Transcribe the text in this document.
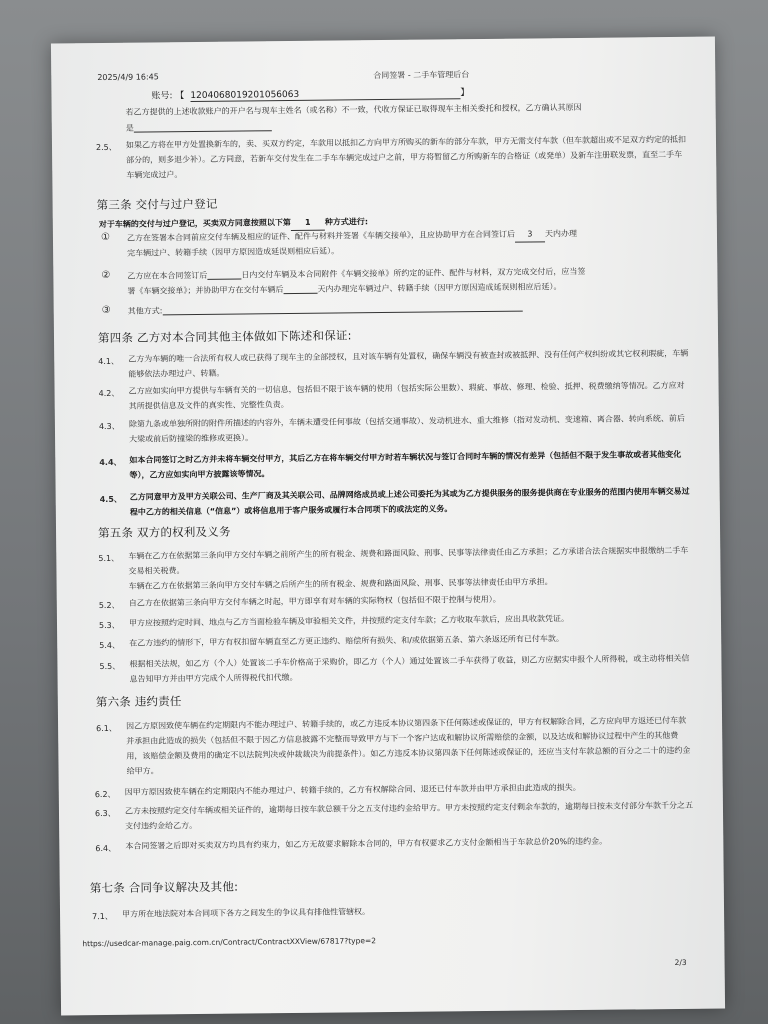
2025/4/9 16:45	合同签署 - 二手车管理后台
账号: 【 1204068019201056063	】
若乙方提供的上述收款账户的开户名与现车主姓名（或名称）不一致，代收方保证已取得现车主相关委托和授权，乙方确认其原因
是
2.5、 如果乙方将在甲方处置换新车的，卖、买双方约定，车款用以抵扣乙方向甲方所购买的新车的部分车款，甲方无需支付车款（但车款超出或不足双方约定的抵扣部分的，则多退少补）。乙方同意，若新车交付发生在二手车车辆完成过户之前，甲方将暂留乙方所购新车的合格证（或発单）及新车注册联发票，直至二手车车辆完成过户。
第三条 交付与过户登记
对于车辆的交付与过户登记，买卖双方同意按照以下第 1 种方式进行:
① 乙方在签署本合同前应交付车辆及相应的证件、配件与材料并签署《车辆交接单》，且应协助甲方在合同签订后 3 天内办理
完车辆过户、转籍手续（因甲方原因造成延误则相应后延）。
② 乙方应在本合同签订后	日内交付车辆及本合同附件《车辆交接单》所约定的证件、配件与材料，双方完成交付后，应当签
署《车辆交接单》；并协助甲方在交付车辆后	天内办理完车辆过户、转籍手续（因甲方原因造成延误则相应后延）。
③ 其他方式:
第四条 乙方对本合同其他主体做如下陈述和保证:
4.1、 乙方为车辆的唯一合法所有权人或已获得了现车主的全部授权，且对该车辆有处置权，确保车辆没有被查封或被抵押、没有任何产权纠纷或其它权利瑕疵，车辆能够依法办理过户、转籍。
4.2、 乙方应如实向甲方提供与车辆有关的一切信息，包括但不限于该车辆的使用（包括实际公里数）、瑕疵、事故、修理、检验、抵押、税费缴纳等情况。乙方应对其所提供信息及文件的真实性、完整性负责。
4.3、 除第九条或单独所附的附件所描述的内容外，车辆未遭受任何事故（包括交通事故）、发动机进水、重大维修（指对发动机、变速箱、离合器、转向系统、前后大梁或前后防撞梁的维修或更换）。
4.4、 如本合同签订之时乙方并未将车辆交付甲方，其后乙方在将车辆交付甲方时若车辆状况与签订合同时车辆的情况有差异（包括但不限于发生事故或者其他变化等），乙方应如实向甲方披露该等情况。
4.5、 乙方同意甲方及甲方关联公司、生产厂商及其关联公司、品牌网络成员或上述公司委托为其或为乙方提供服务的服务提供商在专业服务的范围内使用车辆交易过程中乙方的相关信息（“信息”）或将信息用于客户服务或履行本合同项下的或法定的义务。
第五条 双方的权利及义务
5.1、 车辆在乙方在依据第三条向甲方交付车辆之前所产生的所有税金、规费和路面风险、刑事、民事等法律责任由乙方承担；乙方承诺合法合规据实申报缴纳二手车交易相关税费。
车辆在乙方在依据第三条向甲方交付车辆之后所产生的所有税金、规费和路面风险、刑事、民事等法律责任由甲方承担。
5.2、 自乙方在依据第三条向甲方交付车辆之时起，甲方即享有对车辆的实际物权（包括但不限于控制与使用）。
5.3、 甲方应按照约定时间、地点与乙方当面检验车辆及审验相关文件，并按照约定支付车款；乙方收取车款后，应出具收款凭证。
5.4、 在乙方违约的情形下，甲方有权扣留车辆直至乙方更正违约、赔偿所有损失、和/或依据第五条、第六条返还所有已付车款。
5.5、 根据相关法规，如乙方（个人）处置该二手车价格高于采购价，即乙方（个人）通过处置该二手车获得了收益，则乙方应据实申报个人所得税，或主动将相关信息告知甲方并由甲方完成个人所得税代扣代缴。
第六条 违约责任
6.1、 因乙方原因致使车辆在约定期限内不能办理过户、转籍手续的，或乙方违反本协议第四条下任何陈述或保证的，甲方有权解除合同，乙方应向甲方返还已付车款并承担由此造成的损失（包括但不限于因乙方信息披露不完整而导致甲方与下一个客户达成和解协议所需赔偿的金额，以及达成和解协议过程中产生的其他费用，该赔偿金额及费用的确定不以法院判决或仲裁裁决为前提条件）。如乙方违反本协议第四条下任何陈述或保证的，还应当支付车款总额的百分之二十的违约金给甲方。
6.2、 因甲方原因致使车辆在约定期限内不能办理过户、转籍手续的，乙方有权解除合同、退还已付车款并由甲方承担由此造成的损失。
6.3、 乙方未按照约定交付车辆或相关证件的，逾期每日按车款总额千分之五支付违约金给甲方。甲方未按照约定支付剩余车款的，逾期每日按未支付部分车款千分之五支付违约金给乙方。
6.4、 本合同签署之后即对买卖双方均具有约束力，如乙方无故要求解除本合同的，甲方有权要求乙方支付金额相当于车款总价20%的违约金。
第七条 合同争议解决及其他:
7.1、 甲方所在地法院对本合同项下各方之间发生的争议具有排他性管辖权。
https://usedcar-manage.paig.com.cn/Contract/ContractXXView/67817?type=2
2/3
